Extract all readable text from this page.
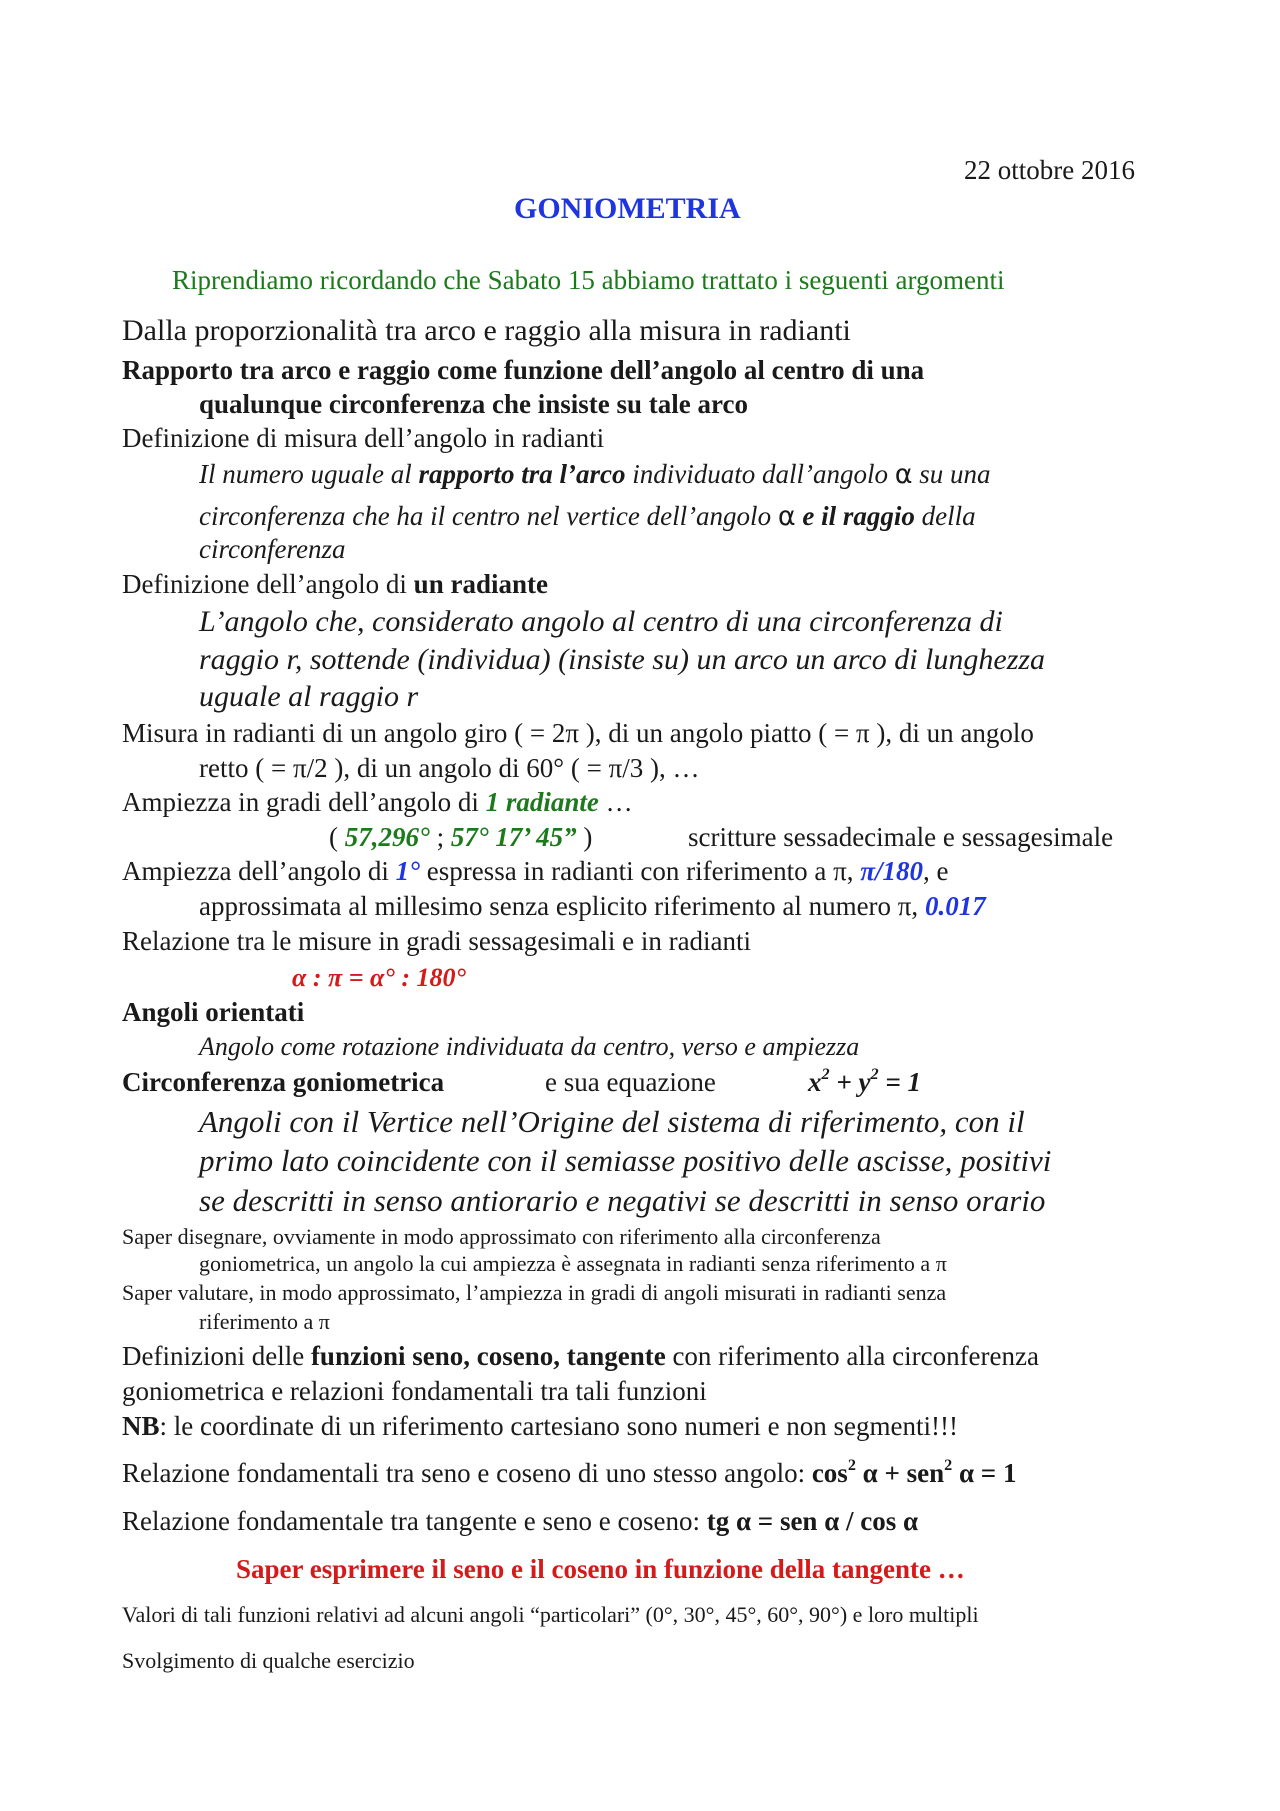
22 ottobre 2016
GONIOMETRIA
Riprendiamo ricordando che Sabato 15 abbiamo trattato i seguenti argomenti
Dalla proporzionalità tra arco e raggio alla misura in radianti
Rapporto tra arco e raggio come funzione dell’angolo al centro di una
qualunque circonferenza che insiste su tale arco
Definizione di misura dell’angolo in radianti
Il numero uguale al rapporto tra l’arco individuato dall’angolo α su una
circonferenza che ha il centro nel vertice dell’angolo α e il raggio della
circonferenza
Definizione dell’angolo di un radiante
L’angolo che, considerato angolo al centro di una circonferenza di
raggio r, sottende (individua) (insiste su) un arco un arco di lunghezza
uguale al raggio r
Misura in radianti di un angolo giro ( = 2π ), di un angolo piatto ( = π ), di un angolo
retto ( = π/2 ), di un angolo di 60° ( = π/3 ), …
Ampiezza in gradi dell’angolo di 1 radiante …
( 57,296° ; 57° 17’ 45” )	scritture sessadecimale e sessagesimale
Ampiezza dell’angolo di 1° espressa in radianti con riferimento a π, π/180, e
approssimata al millesimo senza esplicito riferimento al numero π, 0.017
Relazione tra le misure in gradi sessagesimali e in radianti
α : π = α° : 180°
Angoli orientati
Angolo come rotazione individuata da centro, verso e ampiezza
Circonferenza goniometrica	e sua equazione	$x^2 + y^2 = 1$
Angoli con il Vertice nell’Origine del sistema di riferimento, con il
primo lato coincidente con il semiasse positivo delle ascisse, positivi
se descritti in senso antiorario e negativi se descritti in senso orario
Saper disegnare, ovviamente in modo approssimato con riferimento alla circonferenza
goniometrica, un angolo la cui ampiezza è assegnata in radianti senza riferimento a π
Saper valutare, in modo approssimato, l’ampiezza in gradi di angoli misurati in radianti senza
riferimento a π
Definizioni delle funzioni seno, coseno, tangente con riferimento alla circonferenza
goniometrica e relazioni fondamentali tra tali funzioni
NB: le coordinate di un riferimento cartesiano sono numeri e non segmenti!!!
Relazione fondamentali tra seno e coseno di uno stesso angolo: $\cos^2 \alpha + sen^2$ α = 1
Relazione fondamentale tra tangente e seno e coseno: tg α = sen α / cos α
Saper esprimere il seno e il coseno in funzione della tangente …
Valori di tali funzioni relativi ad alcuni angoli “particolari” (0°, 30°, 45°, 60°, 90°) e loro multipli
Svolgimento di qualche esercizio
